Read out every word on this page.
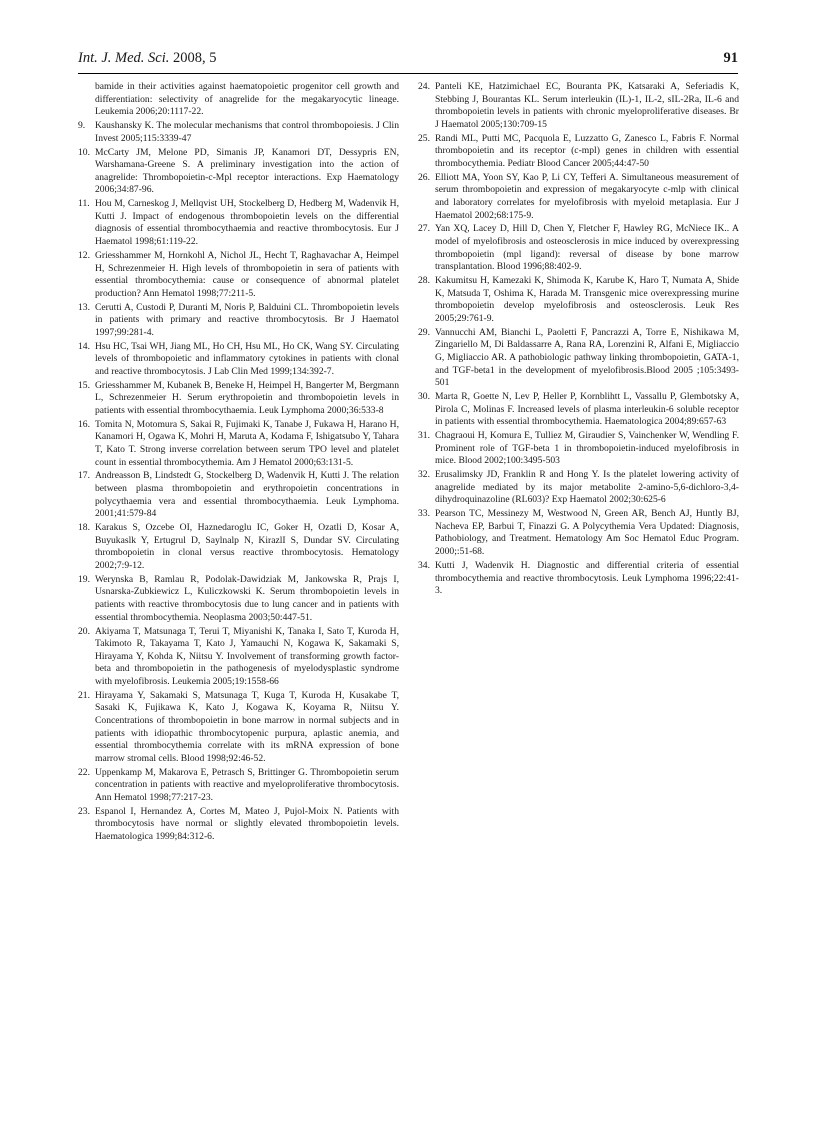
Int. J. Med. Sci. 2008, 5	91
bamide in their activities against haematopoietic progenitor cell growth and differentiation: selectivity of anagrelide for the megakaryocytic lineage. Leukemia 2006;20:1117-22.
9.	Kaushansky K. The molecular mechanisms that control thrombopoiesis. J Clin Invest 2005;115:3339-47
10. McCarty JM, Melone PD, Simanis JP, Kanamori DT, Dessypris EN, Warshamana-Greene S. A preliminary investigation into the action of anagrelide: Thrombopoietin-c-Mpl receptor interactions. Exp Haematology 2006;34:87-96.
11. Hou M, Carneskog J, Mellqvist UH, Stockelberg D, Hedberg M, Wadenvik H, Kutti J. Impact of endogenous thrombopoietin levels on the differential diagnosis of essential thrombocythaemia and reactive thrombocytosis. Eur J Haematol 1998;61:119-22.
12. Griesshammer M, Hornkohl A, Nichol JL, Hecht T, Raghavachar A, Heimpel H, Schrezenmeier H. High levels of thrombopoietin in sera of patients with essential thrombocythemia: cause or consequence of abnormal platelet production? Ann Hematol 1998;77:211-5.
13. Cerutti A, Custodi P, Duranti M, Noris P, Balduini CL. Thrombopoietin levels in patients with primary and reactive thrombocytosis. Br J Haematol 1997;99:281-4.
14. Hsu HC, Tsai WH, Jiang ML, Ho CH, Hsu ML, Ho CK, Wang SY. Circulating levels of thrombopoietic and inflammatory cytokines in patients with clonal and reactive thrombocytosis. J Lab Clin Med 1999;134:392-7.
15. Griesshammer M, Kubanek B, Beneke H, Heimpel H, Bangerter M, Bergmann L, Schrezenmeier H. Serum erythropoietin and thrombopoietin levels in patients with essential thrombocythaemia. Leuk Lymphoma 2000;36:533-8
16. Tomita N, Motomura S, Sakai R, Fujimaki K, Tanabe J, Fukawa H, Harano H, Kanamori H, Ogawa K, Mohri H, Maruta A, Kodama F, Ishigatsubo Y, Tahara T, Kato T. Strong inverse correlation between serum TPO level and platelet count in essential thrombocythemia. Am J Hematol 2000;63:131-5.
17. Andreasson B, Lindstedt G, Stockelberg D, Wadenvik H, Kutti J. The relation between plasma thrombopoietin and erythropoietin concentrations in polycythaemia vera and essential thrombocythaemia. Leuk Lymphoma. 2001;41:579-84
18. Karakus S, Ozcebe OI, Haznedaroglu IC, Goker H, Ozatli D, Kosar A, Buyukaslk Y, Ertugrul D, Saylnalp N, KirazlI S, Dundar SV. Circulating thrombopoietin in clonal versus reactive thrombocytosis. Hematology 2002;7:9-12.
19. Werynska B, Ramlau R, Podolak-Dawidziak M, Jankowska R, Prajs I, Usnarska-Zubkiewicz L, Kuliczkowski K. Serum thrombopoietin levels in patients with reactive thrombocytosis due to lung cancer and in patients with essential thrombocythemia. Neoplasma 2003;50:447-51.
20. Akiyama T, Matsunaga T, Terui T, Miyanishi K, Tanaka I, Sato T, Kuroda H, Takimoto R, Takayama T, Kato J, Yamauchi N, Kogawa K, Sakamaki S, Hirayama Y, Kohda K, Niitsu Y. Involvement of transforming growth factor-beta and thrombopoietin in the pathogenesis of myelodysplastic syndrome with myelofibrosis. Leukemia 2005;19:1558-66
21. Hirayama Y, Sakamaki S, Matsunaga T, Kuga T, Kuroda H, Kusakabe T, Sasaki K, Fujikawa K, Kato J, Kogawa K, Koyama R, Niitsu Y. Concentrations of thrombopoietin in bone marrow in normal subjects and in patients with idiopathic thrombocytopenic purpura, aplastic anemia, and essential thrombocythemia correlate with its mRNA expression of bone marrow stromal cells. Blood 1998;92:46-52.
22. Uppenkamp M, Makarova E, Petrasch S, Brittinger G. Thrombopoietin serum concentration in patients with reactive and myeloproliferative thrombocytosis. Ann Hematol 1998;77:217-23.
23. Espanol I, Hernandez A, Cortes M, Mateo J, Pujol-Moix N. Patients with thrombocytosis have normal or slightly elevated thrombopoietin levels. Haematologica 1999;84:312-6.
24. Panteli KE, Hatzimichael EC, Bouranta PK, Katsaraki A, Seferiadis K, Stebbing J, Bourantas KL. Serum interleukin (IL)-1, IL-2, sIL-2Ra, IL-6 and thrombopoietin levels in patients with chronic myeloproliferative diseases. Br J Haematol 2005;130:709-15
25. Randi ML, Putti MC, Pacquola E, Luzzatto G, Zanesco L, Fabris F. Normal thrombopoietin and its receptor (c-mpl) genes in children with essential thrombocythemia. Pediatr Blood Cancer 2005;44:47-50
26. Elliott MA, Yoon SY, Kao P, Li CY, Tefferi A. Simultaneous measurement of serum thrombopoietin and expression of megakaryocyte c-mlp with clinical and laboratory correlates for myelofibrosis with myeloid metaplasia. Eur J Haematol 2002;68:175-9.
27. Yan XQ, Lacey D, Hill D, Chen Y, Fletcher F, Hawley RG, McNiece IK.. A model of myelofibrosis and osteosclerosis in mice induced by overexpressing thrombopoietin (mpl ligand): reversal of disease by bone marrow transplantation. Blood 1996;88:402-9.
28. Kakumitsu H, Kamezaki K, Shimoda K, Karube K, Haro T, Numata A, Shide K, Matsuda T, Oshima K, Harada M. Transgenic mice overexpressing murine thrombopoietin develop myelofibrosis and osteosclerosis. Leuk Res 2005;29:761-9.
29. Vannucchi AM, Bianchi L, Paoletti F, Pancrazzi A, Torre E, Nishikawa M, Zingariello M, Di Baldassarre A, Rana RA, Lorenzini R, Alfani E, Migliaccio G, Migliaccio AR. A pathobiologic pathway linking thrombopoietin, GATA-1, and TGF-beta1 in the development of myelofibrosis.Blood 2005 ;105:3493-501
30. Marta R, Goette N, Lev P, Heller P, Kornblihtt L, Vassallu P, Glembotsky A, Pirola C, Molinas F. Increased levels of plasma interleukin-6 soluble receptor in patients with essential thrombocythemia. Haematologica 2004;89:657-63
31. Chagraoui H, Komura E, Tulliez M, Giraudier S, Vainchenker W, Wendling F. Prominent role of TGF-beta 1 in thrombopoietin-induced myelofibrosis in mice. Blood 2002;100:3495-503
32. Erusalimsky JD, Franklin R and Hong Y. Is the platelet lowering activity of anagrelide mediated by its major metabolite 2-amino-5,6-dichloro-3,4-dihydroquinazoline (RL603)? Exp Haematol 2002;30:625-6
33. Pearson TC, Messinezy M, Westwood N, Green AR, Bench AJ, Huntly BJ, Nacheva EP, Barbui T, Finazzi G. A Polycythemia Vera Updated: Diagnosis, Pathobiology, and Treatment. Hematology Am Soc Hematol Educ Program. 2000;:51-68.
34. Kutti J, Wadenvik H. Diagnostic and differential criteria of essential thrombocythemia and reactive thrombocytosis. Leuk Lymphoma 1996;22:41-3.
